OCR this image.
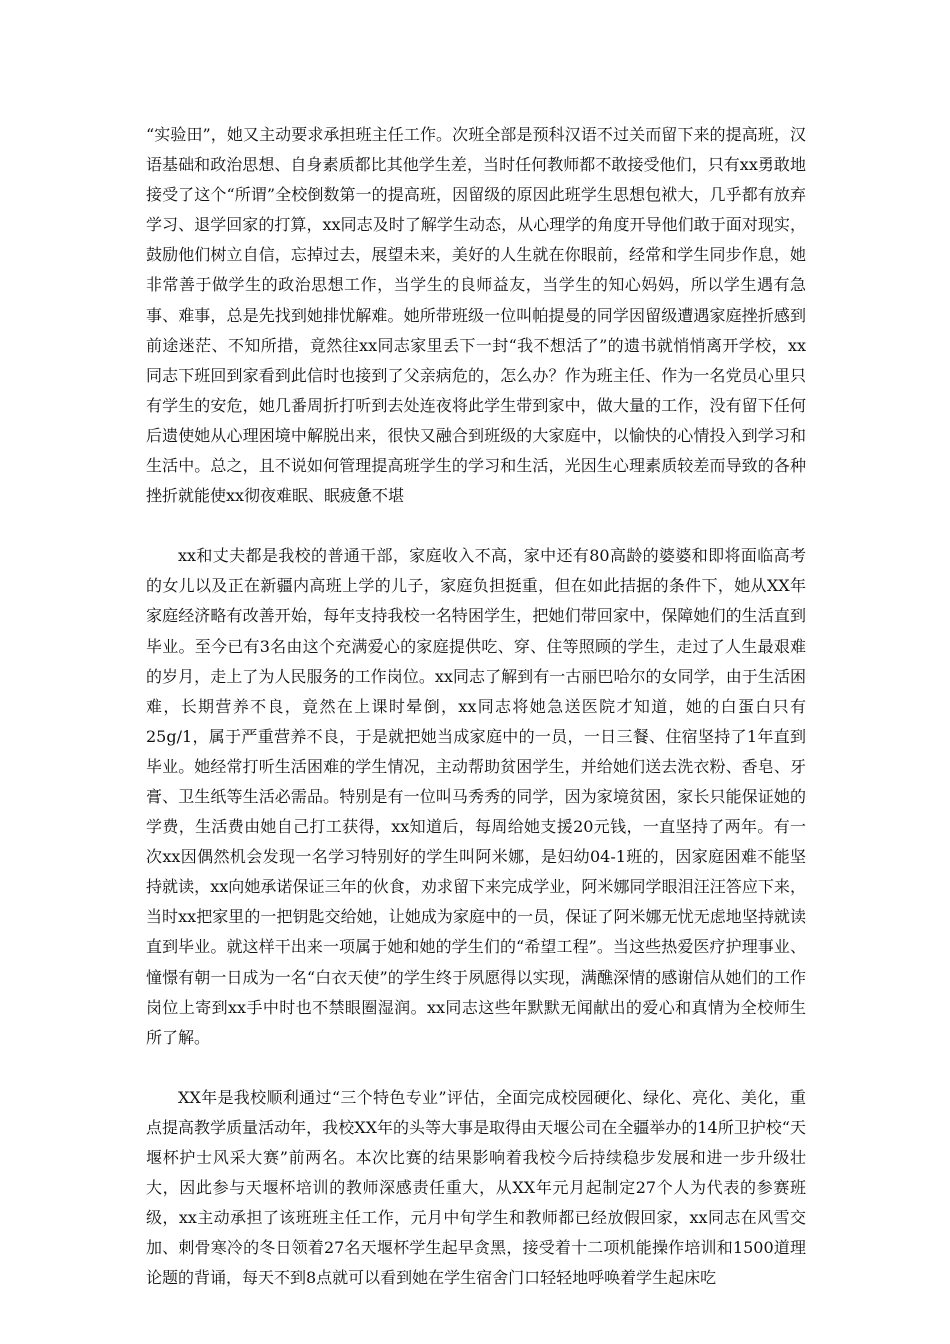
“实验田”，她又主动要求承担班主任工作。次班全部是预科汉语不过关而留下来的提高班，汉语基础和政治思想、自身素质都比其他学生差，当时任何教师都不敢接受他们，只有xx勇敢地接受了这个“所谓”全校倒数第一的提高班，因留级的原因此班学生思想包袱大，几乎都有放弃学习、退学回家的打算，xx同志及时了解学生动态，从心理学的角度开导他们敢于面对现实，鼓励他们树立自信，忘掉过去，展望未来，美好的人生就在你眼前，经常和学生同步作息，她非常善于做学生的政治思想工作，当学生的良师益友，当学生的知心妈妈，所以学生遇有急事、难事，总是先找到她排忧解难。她所带班级一位叫帕提曼的同学因留级遭遇家庭挫折感到前途迷茫、不知所措，竟然往xx同志家里丢下一封“我不想活了”的遗书就悄悄离开学校，xx同志下班回到家看到此信时也接到了父亲病危的，怎么办？作为班主任、作为一名党员心里只有学生的安危，她几番周折打听到去处连夜将此学生带到家中，做大量的工作，没有留下任何后遗使她从心理困境中解脱出来，很快又融合到班级的大家庭中，以愉快的心情投入到学习和生活中。总之，且不说如何管理提高班学生的学习和生活，光因生心理素质较差而导致的各种挫折就能使xx彻夜难眠、眠疲惫不堪

xx和丈夫都是我校的普通干部，家庭收入不高，家中还有80高龄的婆婆和即将面临高考的女儿以及正在新疆内高班上学的儿子，家庭负担挺重，但在如此拮据的条件下，她从XX年家庭经济略有改善开始，每年支持我校一名特困学生，把她们带回家中，保障她们的生活直到毕业。至今已有3名由这个充满爱心的家庭提供吃、穿、住等照顾的学生，走过了人生最艰难的岁月，走上了为人民服务的工作岗位。xx同志了解到有一古丽巴哈尔的女同学，由于生活困难，长期营养不良，竟然在上课时晕倒，xx同志将她急送医院才知道，她的白蛋白只有25g/1，属于严重营养不良，于是就把她当成家庭中的一员，一日三餐、住宿坚持了1年直到毕业。她经常打听生活困难的学生情况，主动帮助贫困学生，并给她们送去洗衣粉、香皂、牙膏、卫生纸等生活必需品。特别是有一位叫马秀秀的同学，因为家境贫困，家长只能保证她的学费，生活费由她自己打工获得，xx知道后，每周给她支援20元钱，一直坚持了两年。有一次xx因偶然机会发现一名学习特别好的学生叫阿米娜，是妇幼04-1班的，因家庭困难不能坚持就读，xx向她承诺保证三年的伙食，劝求留下来完成学业，阿米娜同学眼泪汪汪答应下来，当时xx把家里的一把钥匙交给她，让她成为家庭中的一员，保证了阿米娜无忧无虑地坚持就读直到毕业。就这样干出来一项属于她和她的学生们的“希望工程”。当这些热爱医疗护理事业、憧憬有朝一日成为一名“白衣天使”的学生终于夙愿得以实现，满醮深情的感谢信从她们的工作岗位上寄到xx手中时也不禁眼圈湿润。xx同志这些年默默无闻献出的爱心和真情为全校师生所了解。

XX年是我校顺利通过“三个特色专业”评估，全面完成校园硬化、绿化、亮化、美化，重点提高教学质量活动年，我校XX年的头等大事是取得由天堰公司在全疆举办的14所卫护校“天堰杯护士风采大赛”前两名。本次比赛的结果影响着我校今后持续稳步发展和进一步升级壮大，因此参与天堰杯培训的教师深感责任重大，从XX年元月起制定27个人为代表的参赛班级，xx主动承担了该班班主任工作，元月中旬学生和教师都已经放假回家，xx同志在风雪交加、刺骨寒冷的冬日领着27名天堰杯学生起早贪黑，接受着十二项机能操作培训和1500道理论题的背诵，每天不到8点就可以看到她在学生宿舍门口轻轻地呼唤着学生起床吃
